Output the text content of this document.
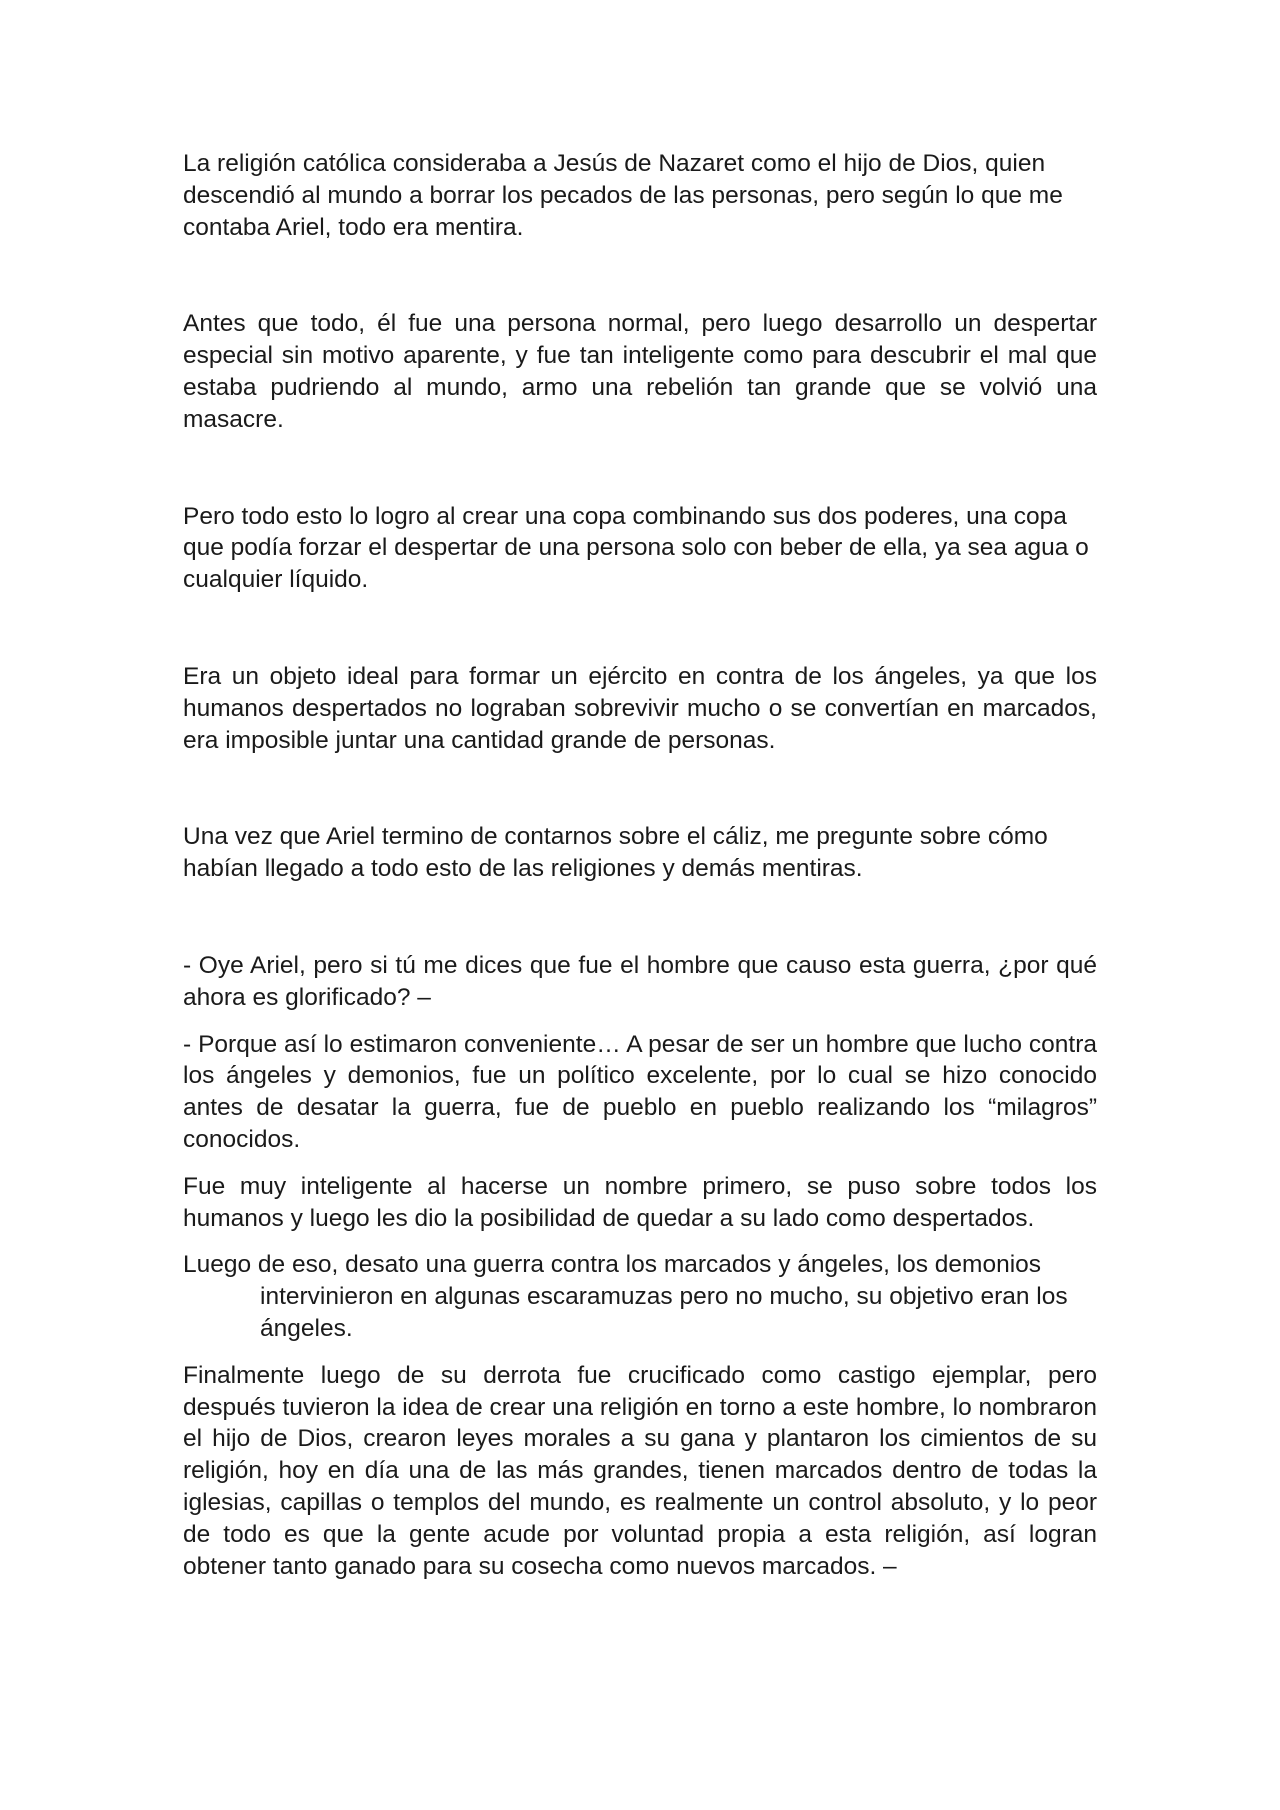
La religión católica consideraba a Jesús de Nazaret como el hijo de Dios, quien descendió al mundo a borrar los pecados de las personas, pero según lo que me contaba Ariel, todo era mentira.

Antes que todo, él fue una persona normal, pero luego desarrollo un despertar especial sin motivo aparente, y fue tan inteligente como para descubrir el mal que estaba pudriendo al mundo, armo una rebelión tan grande que se volvió una masacre.

Pero todo esto lo logro al crear una copa combinando sus dos poderes, una copa que podía forzar el despertar de una persona solo con beber de ella, ya sea agua o cualquier líquido.

Era un objeto ideal para formar un ejército en contra de los ángeles, ya que los humanos despertados no lograban sobrevivir mucho o se convertían en marcados, era imposible juntar una cantidad grande de personas.

Una vez que Ariel termino de contarnos sobre el cáliz, me pregunte sobre cómo habían llegado a todo esto de las religiones y demás mentiras.

- Oye Ariel, pero si tú me dices que fue el hombre que causo esta guerra, ¿por qué ahora es glorificado? –

- Porque así lo estimaron conveniente… A pesar de ser un hombre que lucho contra los ángeles y demonios, fue un político excelente, por lo cual se hizo conocido antes de desatar la guerra, fue de pueblo en pueblo realizando los “milagros” conocidos.

Fue muy inteligente al hacerse un nombre primero, se puso sobre todos los humanos y luego les dio la posibilidad de quedar a su lado como despertados.

Luego de eso, desato una guerra contra los marcados y ángeles, los demonios intervinieron en algunas escaramuzas pero no mucho, su objetivo eran los ángeles.

Finalmente luego de su derrota fue crucificado como castigo ejemplar, pero después tuvieron la idea de crear una religión en torno a este hombre, lo nombraron el hijo de Dios, crearon leyes morales a su gana y plantaron los cimientos de su religión, hoy en día una de las más grandes, tienen marcados dentro de todas la iglesias, capillas o templos del mundo, es realmente un control absoluto, y lo peor de todo es que la gente acude por voluntad propia a esta religión, así logran obtener tanto ganado para su cosecha como nuevos marcados. –
